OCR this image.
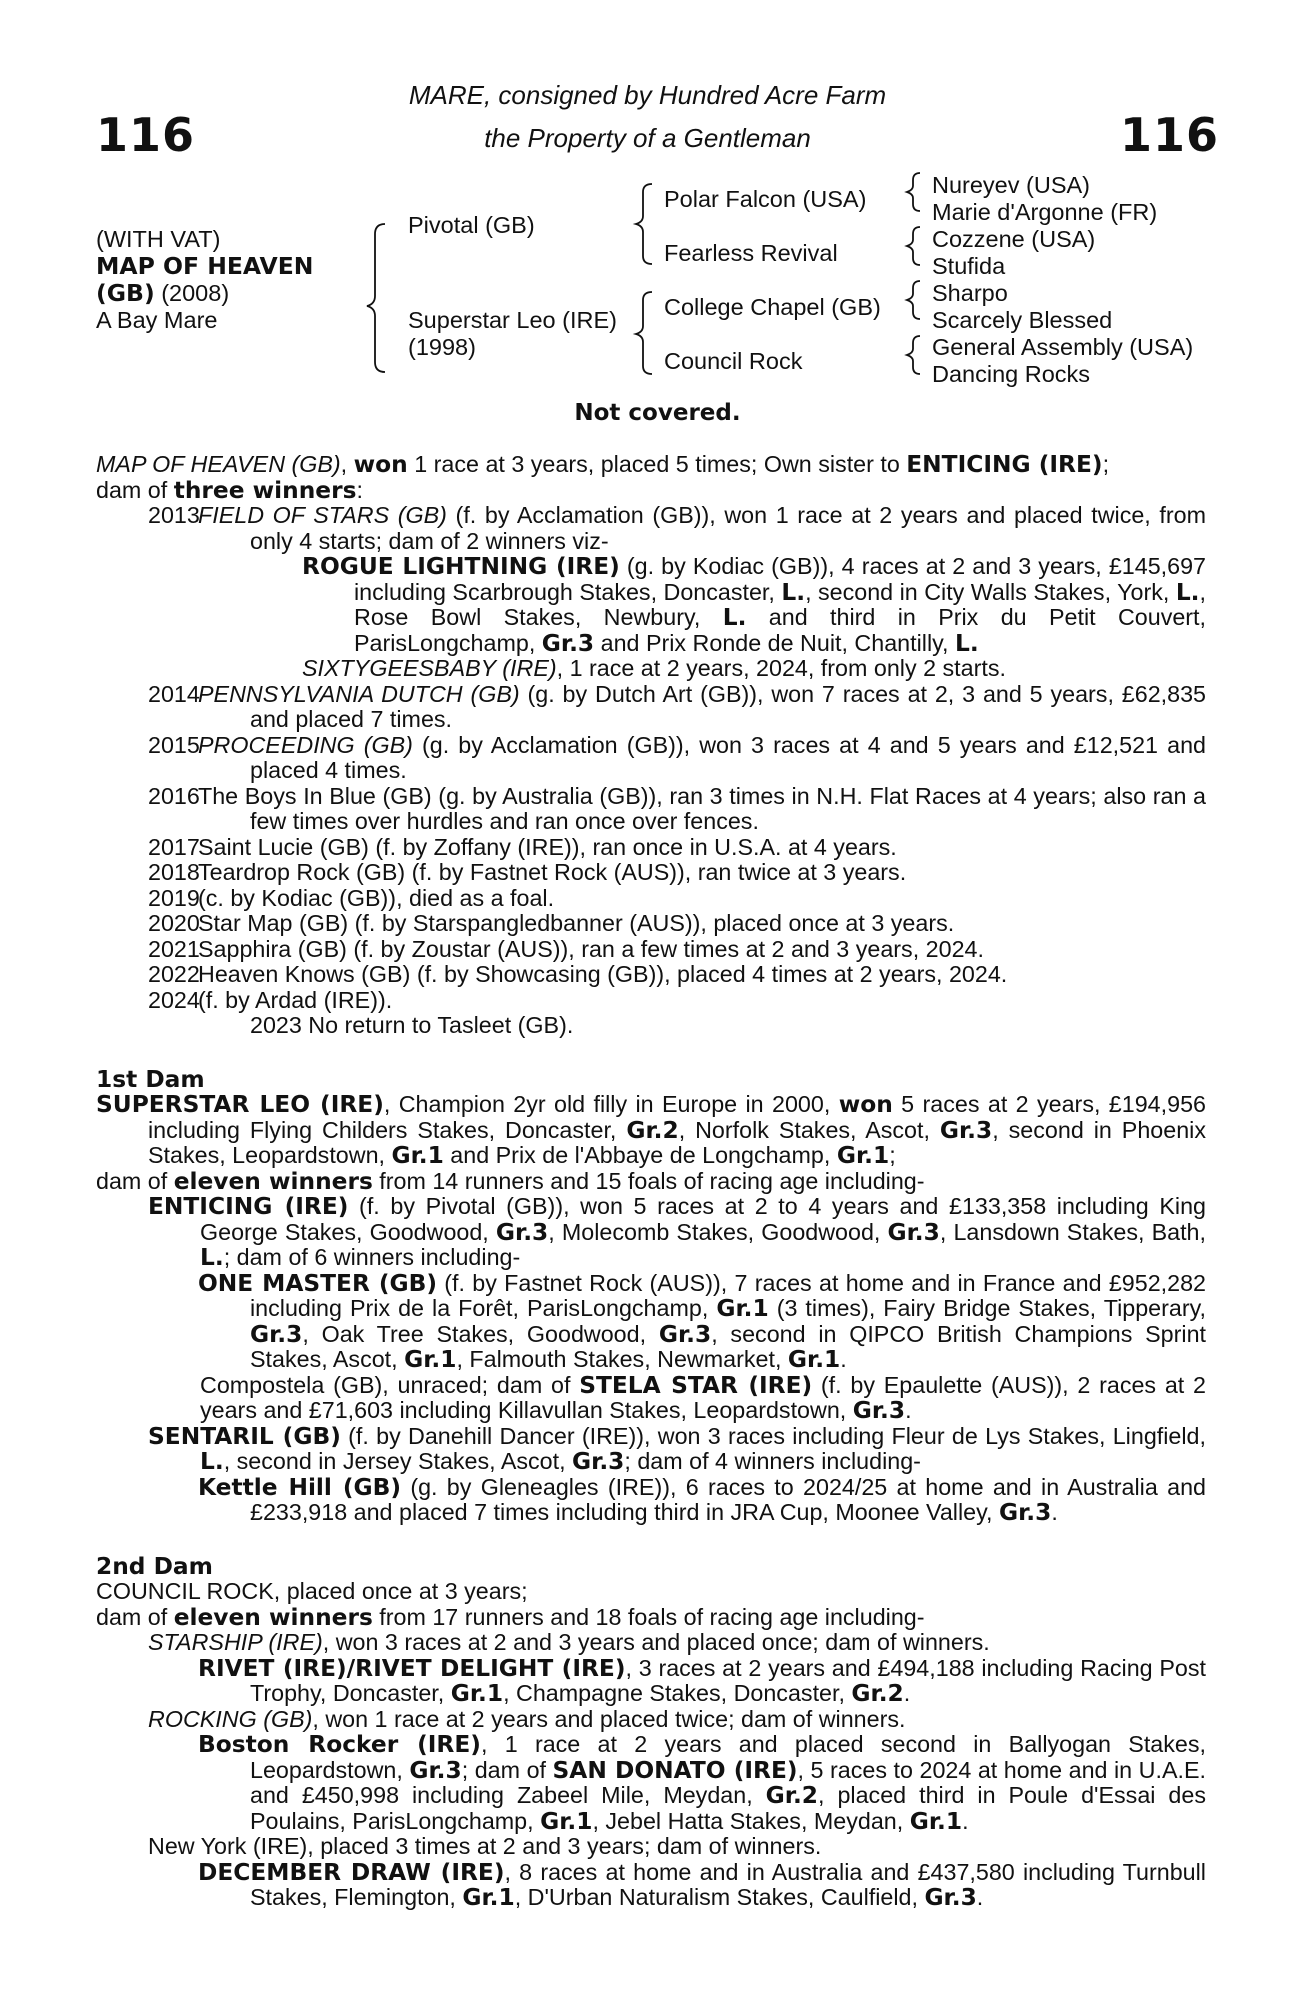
116	116
MARE, consigned by Hundred Acre Farm
the Property of a Gentleman
(WITH VAT)
MAP OF HEAVEN
(GB) (2008)
A Bay Mare
Pivotal (GB)
Superstar Leo (IRE)
(1998)
Polar Falcon (USA)
Fearless Revival
College Chapel (GB)
Council Rock
Nureyev (USA)
Marie d'Argonne (FR)
Cozzene (USA)
Stufida
Sharpo
Scarcely Blessed
General Assembly (USA)
Dancing Rocks
Not covered.
MAP OF HEAVEN (GB), won 1 race at 3 years, placed 5 times; Own sister to ENTICING (IRE);
dam of three winners:
2013
FIELD OF STARS (GB) (f. by Acclamation (GB)), won 1 race at 2 years and placed twice, from only 4 starts; dam of 2 winners viz-
ROGUE LIGHTNING (IRE) (g. by Kodiac (GB)), 4 races at 2 and 3 years, £145,697 including Scarbrough Stakes, Doncaster, L., second in City Walls Stakes, York, L., Rose Bowl Stakes, Newbury, L. and third in Prix du Petit Couvert, ParisLongchamp, Gr.3 and Prix Ronde de Nuit, Chantilly, L.
SIXTYGEESBABY (IRE), 1 race at 2 years, 2024, from only 2 starts.
2014
PENNSYLVANIA DUTCH (GB) (g. by Dutch Art (GB)), won 7 races at 2, 3 and 5 years, £62,835 and placed 7 times.
2015
PROCEEDING (GB) (g. by Acclamation (GB)), won 3 races at 4 and 5 years and £12,521 and placed 4 times.
2016
The Boys In Blue (GB) (g. by Australia (GB)), ran 3 times in N.H. Flat Races at 4 years; also ran a few times over hurdles and ran once over fences.
2017
Saint Lucie (GB) (f. by Zoffany (IRE)), ran once in U.S.A. at 4 years.
2018
Teardrop Rock (GB) (f. by Fastnet Rock (AUS)), ran twice at 3 years.
2019
(c. by Kodiac (GB)), died as a foal.
2020
Star Map (GB) (f. by Starspangledbanner (AUS)), placed once at 3 years.
2021
Sapphira (GB) (f. by Zoustar (AUS)), ran a few times at 2 and 3 years, 2024.
2022
Heaven Knows (GB) (f. by Showcasing (GB)), placed 4 times at 2 years, 2024.
2024
(f. by Ardad (IRE)).
2023 No return to Tasleet (GB).
1st Dam
SUPERSTAR LEO (IRE), Champion 2yr old filly in Europe in 2000, won 5 races at 2 years, £194,956 including Flying Childers Stakes, Doncaster, Gr.2, Norfolk Stakes, Ascot, Gr.3, second in Phoenix Stakes, Leopardstown, Gr.1 and Prix de l'Abbaye de Longchamp, Gr.1;
dam of eleven winners from 14 runners and 15 foals of racing age including-
ENTICING (IRE) (f. by Pivotal (GB)), won 5 races at 2 to 4 years and £133,358 including King George Stakes, Goodwood, Gr.3, Molecomb Stakes, Goodwood, Gr.3, Lansdown Stakes, Bath, L.; dam of 6 winners including-
ONE MASTER (GB) (f. by Fastnet Rock (AUS)), 7 races at home and in France and £952,282 including Prix de la Forêt, ParisLongchamp, Gr.1 (3 times), Fairy Bridge Stakes, Tipperary, Gr.3, Oak Tree Stakes, Goodwood, Gr.3, second in QIPCO British Champions Sprint Stakes, Ascot, Gr.1, Falmouth Stakes, Newmarket, Gr.1.
Compostela (GB), unraced; dam of STELA STAR (IRE) (f. by Epaulette (AUS)), 2 races at 2 years and £71,603 including Killavullan Stakes, Leopardstown, Gr.3.
SENTARIL (GB) (f. by Danehill Dancer (IRE)), won 3 races including Fleur de Lys Stakes, Lingfield, L., second in Jersey Stakes, Ascot, Gr.3; dam of 4 winners including-
Kettle Hill (GB) (g. by Gleneagles (IRE)), 6 races to 2024/25 at home and in Australia and £233,918 and placed 7 times including third in JRA Cup, Moonee Valley, Gr.3.
2nd Dam
COUNCIL ROCK, placed once at 3 years;
dam of eleven winners from 17 runners and 18 foals of racing age including-
STARSHIP (IRE), won 3 races at 2 and 3 years and placed once; dam of winners.
RIVET (IRE)/RIVET DELIGHT (IRE), 3 races at 2 years and £494,188 including Racing Post Trophy, Doncaster, Gr.1, Champagne Stakes, Doncaster, Gr.2.
ROCKING (GB), won 1 race at 2 years and placed twice; dam of winners.
Boston Rocker (IRE), 1 race at 2 years and placed second in Ballyogan Stakes, Leopardstown, Gr.3; dam of SAN DONATO (IRE), 5 races to 2024 at home and in U.A.E. and £450,998 including Zabeel Mile, Meydan, Gr.2, placed third in Poule d'Essai des Poulains, ParisLongchamp, Gr.1, Jebel Hatta Stakes, Meydan, Gr.1.
New York (IRE), placed 3 times at 2 and 3 years; dam of winners.
DECEMBER DRAW (IRE), 8 races at home and in Australia and £437,580 including Turnbull Stakes, Flemington, Gr.1, D'Urban Naturalism Stakes, Caulfield, Gr.3.
